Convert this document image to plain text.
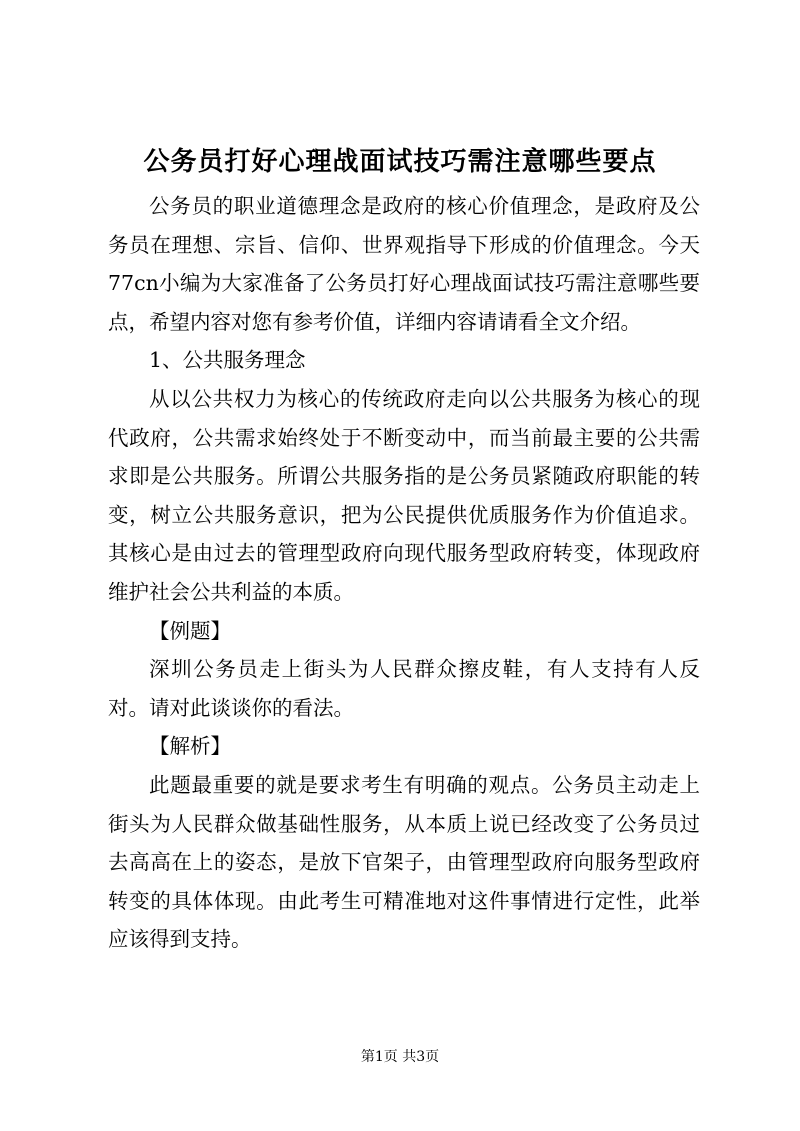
公务员打好心理战面试技巧需注意哪些要点

公务员的职业道德理念是政府的核心价值理念，是政府及公务员在理想、宗旨、信仰、世界观指导下形成的价值理念。今天77cn小编为大家准备了公务员打好心理战面试技巧需注意哪些要点，希望内容对您有参考价值，详细内容请请看全文介绍。

1、公共服务理念

从以公共权力为核心的传统政府走向以公共服务为核心的现代政府，公共需求始终处于不断变动中，而当前最主要的公共需求即是公共服务。所谓公共服务指的是公务员紧随政府职能的转变，树立公共服务意识，把为公民提供优质服务作为价值追求。其核心是由过去的管理型政府向现代服务型政府转变，体现政府维护社会公共利益的本质。

【例题】

深圳公务员走上街头为人民群众擦皮鞋，有人支持有人反对。请对此谈谈你的看法。

【解析】

此题最重要的就是要求考生有明确的观点。公务员主动走上街头为人民群众做基础性服务，从本质上说已经改变了公务员过去高高在上的姿态，是放下官架子，由管理型政府向服务型政府转变的具体体现。由此考生可精准地对这件事情进行定性，此举应该得到支持。

第1页 共3页
